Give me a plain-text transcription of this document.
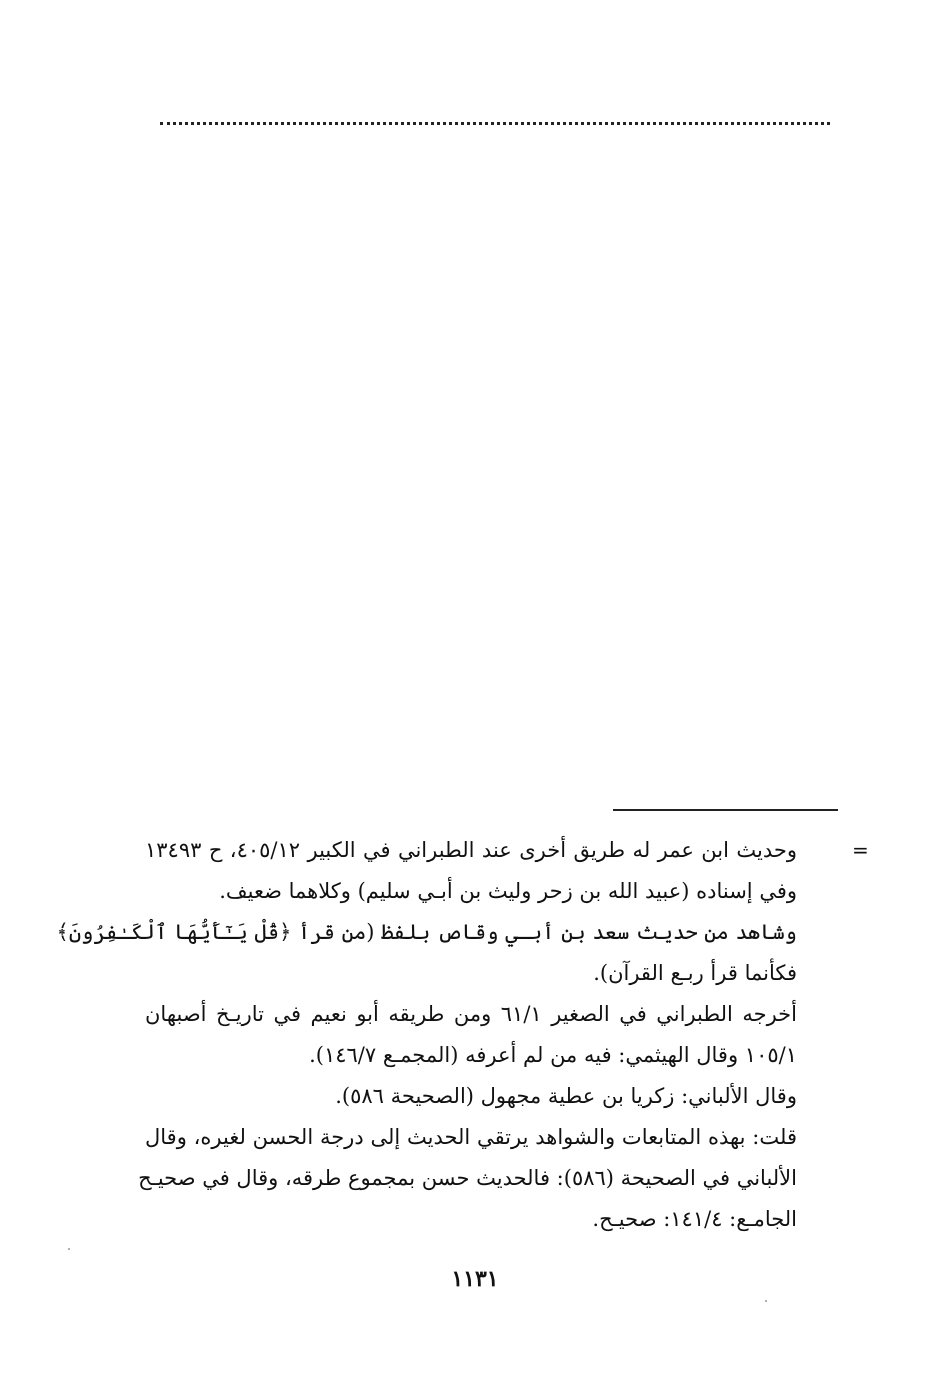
=
وحديث ابن عمر له طريق أخرى عند الطبراني في الكبير ٤٠٥/١٢، ح ١٣٤٩٣
وفي إسناده (عبيد الله بن زحر وليث بن أبـي سليم) وكلاهما ضعيف.
وشاهد من حديث سعد بن أبـي وقاص بلفظ (من قرأ ﴿قُلْ يَـٰٓأَيُّهَا ٱلْكَـٰفِرُونَ﴾
فكأنما قرأ ربـع القرآن).
أخرجه الطبراني في الصغير ٦١/١ ومن طريقه أبو نعيم في تاريـخ أصبهان
١٠٥/١ وقال الهيثمي: فيه من لم أعرفه (المجمـع ١٤٦/٧).
وقال الألباني: زكريا بن عطية مجهول (الصحيحة ٥٨٦).
قلت: بهذه المتابعات والشواهد يرتقي الحديث إلى درجة الحسن لغيره، وقال
الألباني في الصحيحة (٥٨٦): فالحديث حسن بمجموع طرقه، وقال في صحيـح
الجامـع: ١٤١/٤: صحيـح.
١١٣١
